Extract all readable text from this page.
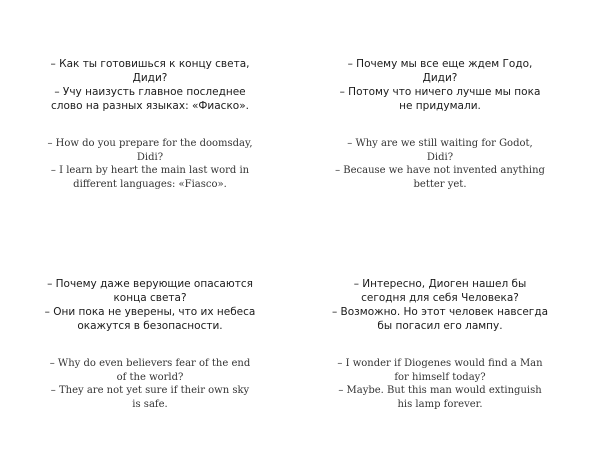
– Как ты готовишься к концу света,
Диди?
– Учу наизусть главное последнее
слово на разных языках: «Фиаско».
– How do you prepare for the doomsday,
Didi?
– I learn by heart the main last word in
different languages: «Fiasco».
– Почему мы все еще ждем Годо,
Диди?
– Потому что ничего лучше мы пока
не придумали.
– Why are we still waiting for Godot,
Didi?
– Because we have not invented anything
better yet.
– Почему даже верующие опасаются
конца света?
– Они пока не уверены, что их небеса
окажутся в безопасности.
– Why do even believers fear of the end
of the world?
– They are not yet sure if their own sky
is safe.
– Интересно, Диоген нашел бы
сегодня для себя Человека?
– Возможно. Но этот человек навсегда
бы погасил его лампу.
– I wonder if Diogenes would find a Man
for himself today?
– Maybe. But this man would extinguish
his lamp forever.
